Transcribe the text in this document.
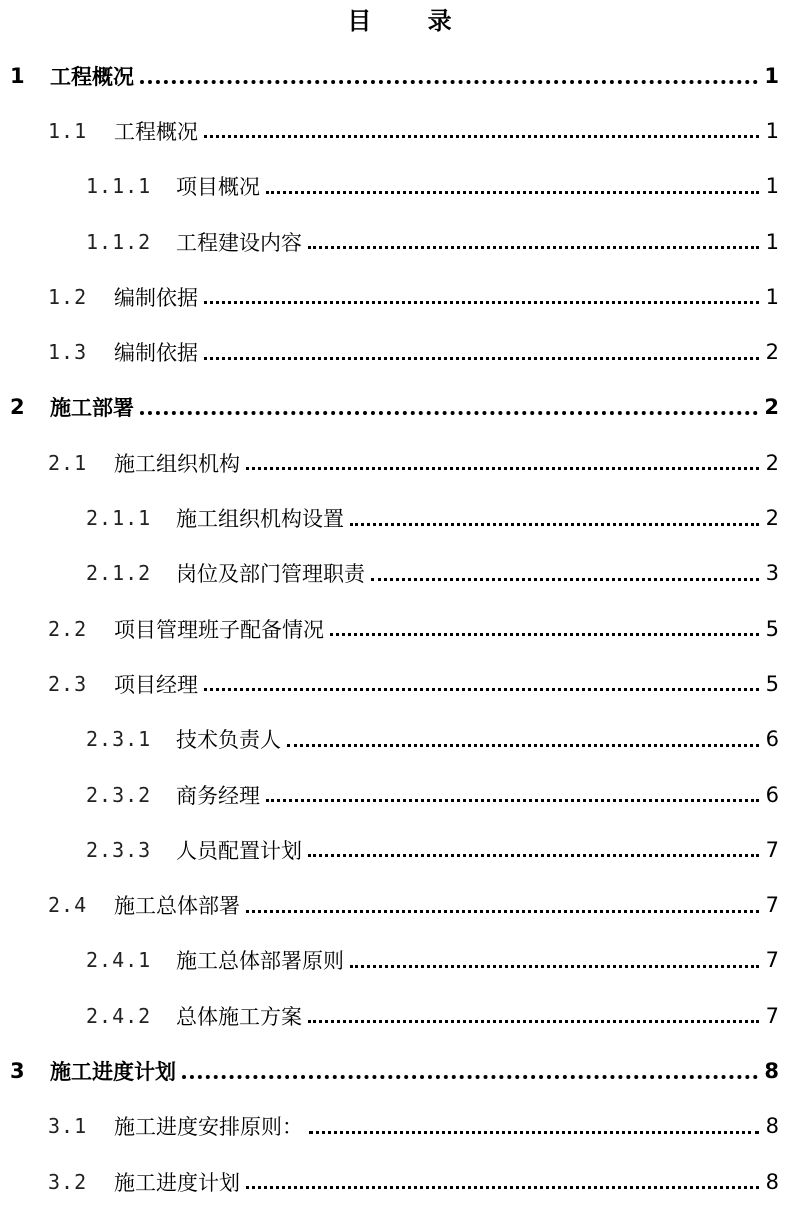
目 录
1	工程概况	1
1.1	工程概况	1
1.1.1	项目概况	1
1.1.2	工程建设内容	1
1.2	编制依据	1
1.3	编制依据	2
2	施工部署	2
2.1	施工组织机构	2
2.1.1	施工组织机构设置	2
2.1.2	岗位及部门管理职责	3
2.2	项目管理班子配备情况	5
2.3	项目经理	5
2.3.1	技术负责人	6
2.3.2	商务经理	6
2.3.3	人员配置计划	7
2.4	施工总体部署	7
2.4.1	施工总体部署原则	7
2.4.2	总体施工方案	7
3	施工进度计划	8
3.1	施工进度安排原则：	8
3.2	施工进度计划	8
